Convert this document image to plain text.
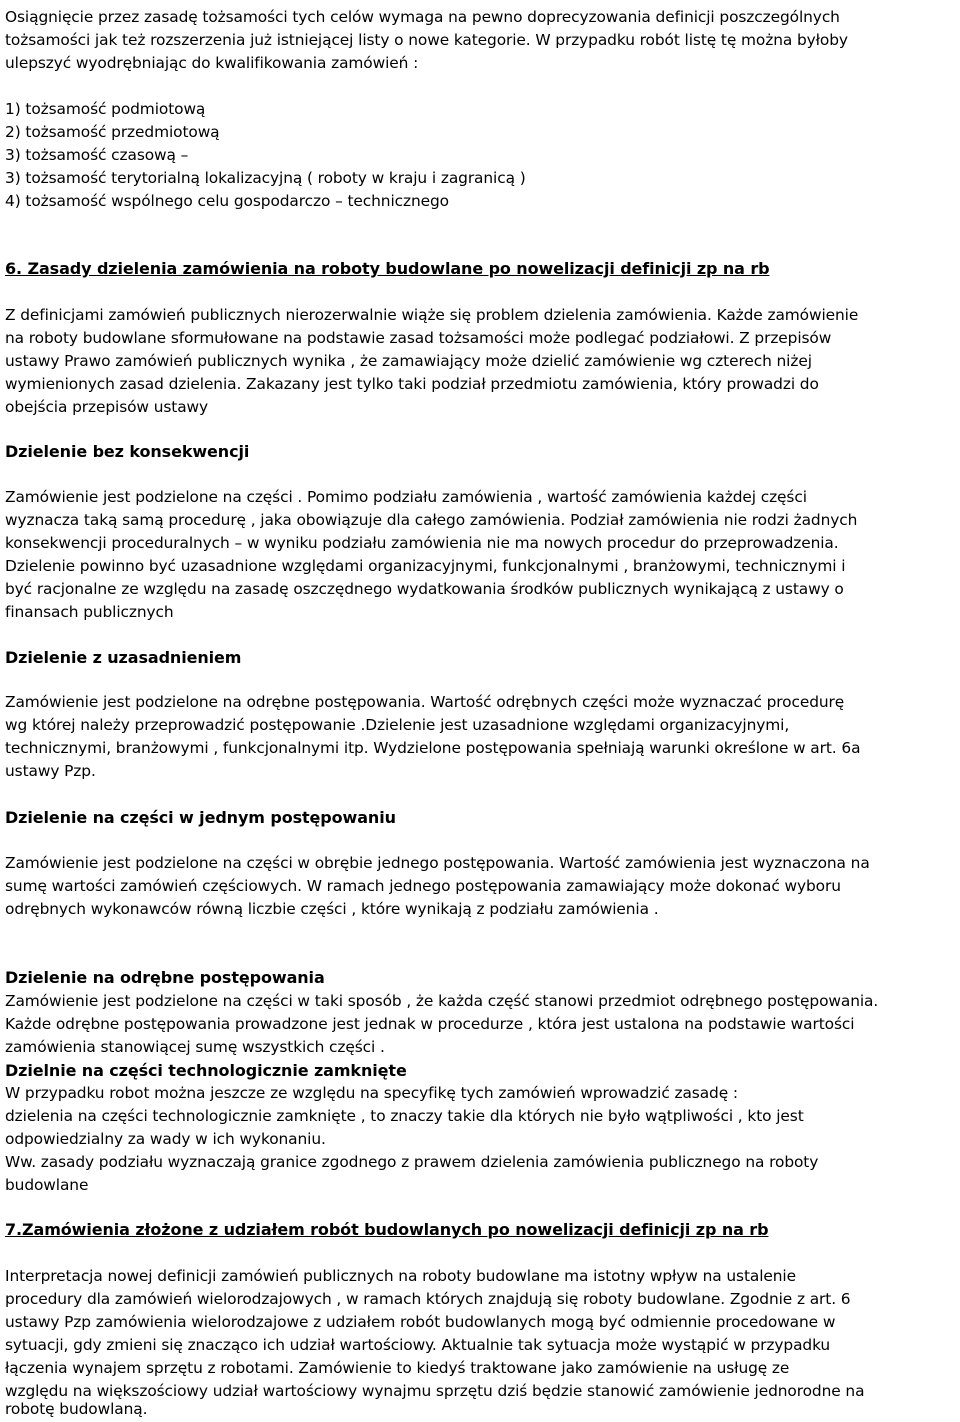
Osiągnięcie przez zasadę tożsamości tych celów wymaga na pewno doprecyzowania definicji poszczególnych

tożsamości jak też rozszerzenia już istniejącej listy o nowe kategorie. W przypadku robót listę tę można byłoby

ulepszyć wyodrębniając do kwalifikowania zamówień :

1) tożsamość podmiotową

2) tożsamość przedmiotową

3) tożsamość czasową –

3) tożsamość terytorialną lokalizacyjną ( roboty w kraju i zagranicą )

4) tożsamość wspólnego celu gospodarczo – technicznego

6. Zasady dzielenia zamówienia na roboty budowlane po nowelizacji definicji zp na rb

Z definicjami zamówień publicznych nierozerwalnie wiąże się problem dzielenia zamówienia. Każde zamówienie

na roboty budowlane sformułowane na podstawie zasad tożsamości może podlegać podziałowi. Z przepisów

ustawy Prawo zamówień publicznych wynika , że zamawiający może dzielić zamówienie wg czterech niżej

wymienionych zasad dzielenia. Zakazany jest tylko taki podział przedmiotu zamówienia, który prowadzi do

obejścia przepisów ustawy

Dzielenie bez konsekwencji

Zamówienie jest podzielone na części . Pomimo podziału zamówienia , wartość zamówienia każdej części

wyznacza taką samą procedurę , jaka obowiązuje dla całego zamówienia. Podział zamówienia nie rodzi żadnych

konsekwencji proceduralnych – w wyniku podziału zamówienia nie ma nowych procedur do przeprowadzenia.

Dzielenie powinno być uzasadnione względami organizacyjnymi, funkcjonalnymi , branżowymi, technicznymi i

być racjonalne ze względu na zasadę oszczędnego wydatkowania środków publicznych wynikającą z ustawy o

finansach publicznych

Dzielenie z uzasadnieniem

Zamówienie jest podzielone na odrębne postępowania. Wartość odrębnych części może wyznaczać procedurę

wg której należy przeprowadzić postępowanie .Dzielenie jest uzasadnione względami organizacyjnymi,

technicznymi, branżowymi , funkcjonalnymi itp. Wydzielone postępowania spełniają warunki określone w art. 6a

ustawy Pzp.

Dzielenie na części w jednym postępowaniu

Zamówienie jest podzielone na części w obrębie jednego postępowania. Wartość zamówienia jest wyznaczona na

sumę wartości zamówień częściowych. W ramach jednego postępowania zamawiający może dokonać wyboru

odrębnych wykonawców równą liczbie części , które wynikają z podziału zamówienia .

Dzielenie na odrębne postępowania

Zamówienie jest podzielone na części w taki sposób , że każda część stanowi przedmiot odrębnego postępowania.

Każde odrębne postępowania prowadzone jest jednak w procedurze , która jest ustalona na podstawie wartości

zamówienia stanowiącej sumę wszystkich części .

Dzielnie na części technologicznie zamknięte

W przypadku robot można jeszcze ze względu na specyfikę tych zamówień wprowadzić zasadę :

dzielenia na części technologicznie zamknięte , to znaczy takie dla których nie było wątpliwości , kto jest

odpowiedzialny za wady w ich wykonaniu.

Ww. zasady podziału wyznaczają granice zgodnego z prawem dzielenia zamówienia publicznego na roboty

budowlane

7.Zamówienia złożone z udziałem robót budowlanych po nowelizacji definicji zp na rb

Interpretacja nowej definicji zamówień publicznych na roboty budowlane ma istotny wpływ na ustalenie

procedury dla zamówień wielorodzajowych , w ramach których znajdują się roboty budowlane. Zgodnie z art. 6

ustawy Pzp zamówienia wielorodzajowe z udziałem robót budowlanych mogą być odmiennie procedowane w

sytuacji, gdy zmieni się znacząco ich udział wartościowy. Aktualnie tak sytuacja może wystąpić w przypadku

łączenia wynajem sprzętu z robotami. Zamówienie to kiedyś traktowane jako zamówienie na usługę ze

względu na większościowy udział wartościowy wynajmu sprzętu dziś będzie stanowić zamówienie jednorodne na

robotę budowlaną.
